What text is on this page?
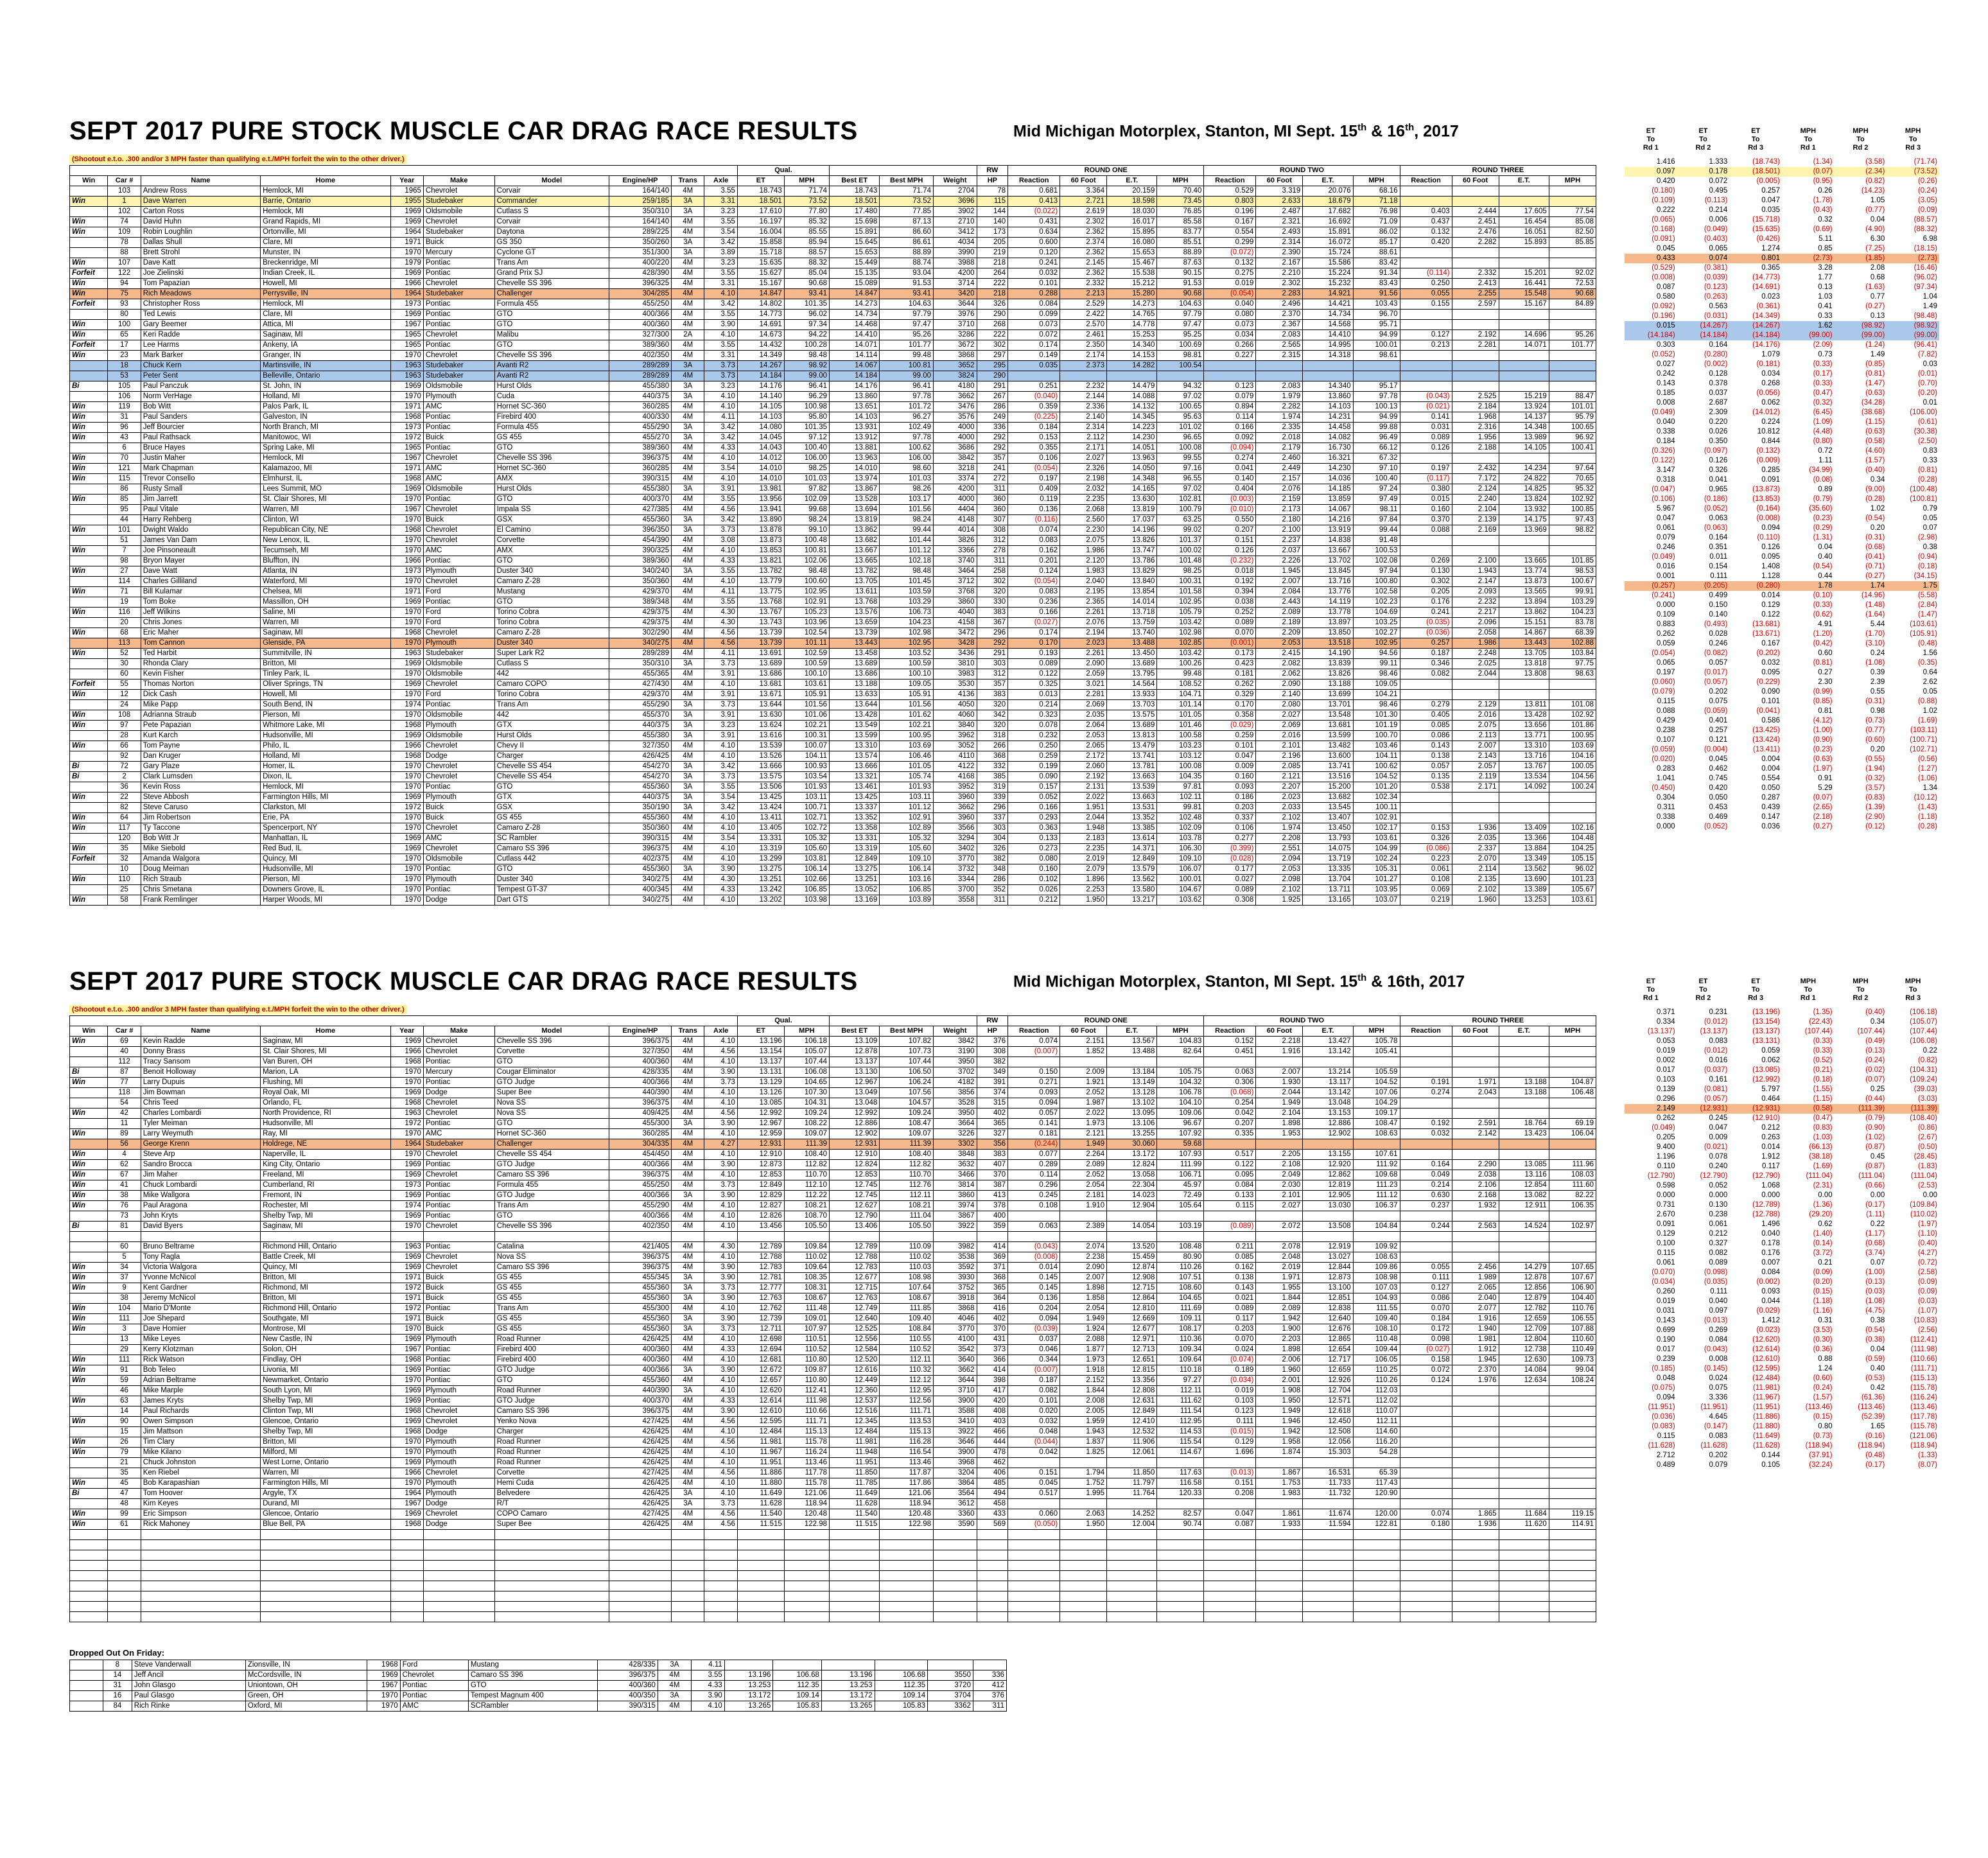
SEPT 2017 PURE STOCK MUSCLE CAR DRAG RACE RESULTS	Mid Michigan Motorplex, Stanton, MI Sept. 15th & 16th, 2017
(Shootout e.t.o. .300 and/or 3 MPH faster than qualifying e.t./MPH forfeit the win to the other driver.)
										Qual.					RW	ROUND ONE				ROUND TWO				ROUND THREE			
Win	Car #	Name	Home	Year	Make	Model	Engine/HP	Trans	Axle	ET	MPH	Best ET	Best MPH	Weight	HP	Reaction	60 Foot	E.T.	MPH	Reaction	60 Foot	E.T.	MPH	Reaction	60 Foot	E.T.	MPH
	103	Andrew Ross	Hemlock, MI	1965	Chevrolet	Corvair	164/140	4M	3.55	18.743	71.74	18.743	71.74	2704	78	0.681	3.364	20.159	70.40	0.529	3.319	20.076	68.16				
Win	1	Dave Warren	Barrie, Ontario	1955	Studebaker	Commander	259/185	3A	3.31	18.501	73.52	18.501	73.52	3696	115	0.413	2.721	18.598	73.45	0.803	2.633	18.679	71.18				
	102	Carton Ross	Hemlock, MI	1969	Oldsmobile	Cutlass S	350/310	3A	3.23	17.610	77.80	17.480	77.85	3902	144	(0.022)	2.619	18.030	76.85	0.196	2.487	17.682	76.98	0.403	2.444	17.605	77.54
Win	74	David Huhn	Grand Rapids, MI	1969	Chevrolet	Corvair	164/140	4M	3.55	16.197	85.32	15.698	87.13	2710	140	0.431	2.302	16.017	85.58	0.167	2.321	16.692	71.09	0.437	2.451	16.454	85.08
Win	109	Robin Loughlin	Ortonville, MI	1964	Studebaker	Daytona	289/225	4M	3.54	16.004	85.55	15.891	86.60	3412	173	0.634	2.362	15.895	83.77	0.554	2.493	15.891	86.02	0.132	2.476	16.051	82.50
	78	Dallas Shull	Clare, MI	1971	Buick	GS 350	350/260	3A	3.42	15.858	85.94	15.645	86.61	4034	205	0.600	2.374	16.080	85.51	0.299	2.314	16.072	85.17	0.420	2.282	15.893	85.85
	88	Brett Strohl	Munster, IN	1970	Mercury	Cyclone GT	351/300	3A	3.89	15.718	88.57	15.653	88.89	3990	219	0.120	2.362	15.653	88.89	(0.072)	2.390	15.724	88.61				
Win	107	Dave Katt	Breckenridge, MI	1979	Pontiac	Trans Am	400/220	4M	3.23	15.635	88.32	15.449	88.74	3988	218	0.241	2.145	15.467	87.63	0.132	2.167	15.586	83.42				
Forfeit	122	Joe Zielinski	Indian Creek, IL	1969	Pontiac	Grand Prix SJ	428/390	4M	3.55	15.627	85.04	15.135	93.04	4200	264	0.032	2.362	15.538	90.15	0.275	2.210	15.224	91.34	(0.114)	2.332	15.201	92.02
Win	94	Tom Papazian	Howell, MI	1966	Chevrolet	Chevelle SS 396	396/325	4M	3.31	15.167	90.68	15.089	91.53	3714	222	0.101	2.332	15.212	91.53	0.019	2.302	15.232	83.43	0.250	2.413	16.441	72.53
Win	75	Rich Meadows	Perrysville, IN	1964	Studebaker	Challenger	304/285	4M	4.10	14.847	93.41	14.847	93.41	3420	218	0.288	2.213	15.280	90.68	(0.054)	2.283	14.921	91.56	0.055	2.255	15.548	90.68
Forfeit	93	Christopher Ross	Hemlock, MI	1973	Pontiac	Formula 455	455/250	4M	3.42	14.802	101.35	14.273	104.63	3644	326	0.084	2.529	14.273	104.63	0.040	2.496	14.421	103.43	0.155	2.597	15.167	84.89
	80	Ted Lewis	Clare, MI	1969	Pontiac	GTO	400/366	4M	3.55	14.773	96.02	14.734	97.79	3976	290	0.099	2.422	14.765	97.79	0.080	2.370	14.734	96.70				
Win	100	Gary Beemer	Attica, MI	1967	Pontiac	GTO	400/360	4M	3.90	14.691	97.34	14.468	97.47	3710	268	0.073	2.570	14.778	97.47	0.073	2.367	14.568	95.71				
Win	65	Keri Radde	Saginaw, MI	1965	Chevrolet	Malibu	327/300	2A	4.10	14.673	94.22	14.410	95.26	3286	222	0.072	2.461	15.253	95.25	0.034	2.083	14.410	94.99	0.127	2.192	14.696	95.26
Forfeit	17	Lee Harms	Ankeny, IA	1965	Pontiac	GTO	389/360	4M	3.55	14.432	100.28	14.071	101.77	3672	302	0.174	2.350	14.340	100.69	0.266	2.565	14.995	100.01	0.213	2.281	14.071	101.77
Win	23	Mark Barker	Granger, IN	1970	Chevrolet	Chevelle SS 396	402/350	4M	3.31	14.349	98.48	14.114	99.48	3868	297	0.149	2.174	14.153	98.81	0.227	2.315	14.318	98.61				
	18	Chuck Kern	Martinsville, IN	1963	Studebaker	Avanti R2	289/289	3A	3.73	14.267	98.92	14.067	100.81	3652	295	0.035	2.373	14.282	100.54								
	53	Peter Sent	Belleville, Ontario	1963	Studebaker	Avanti R2	289/289	4M	3.73	14.184	99.00	14.184	99.00	3824	290												
Bi	105	Paul Panczuk	St. John, IN	1969	Oldsmobile	Hurst Olds	455/380	3A	3.23	14.176	96.41	14.176	96.41	4180	291	0.251	2.232	14.479	94.32	0.123	2.083	14.340	95.17				
	106	Norm VerHage	Holland, MI	1970	Plymouth	Cuda	440/375	3A	4.10	14.140	96.29	13.860	97.78	3662	267	(0.040)	2.144	14.088	97.02	0.079	1.979	13.860	97.78	(0.043)	2.525	15.219	88.47
Win	119	Bob Witt	Palos Park, IL	1971	AMC	Hornet SC-360	360/285	4M	4.10	14.105	100.98	13.651	101.72	3476	286	0.359	2.336	14.132	100.65	0.894	2.282	14.103	100.13	(0.021)	2.184	13.924	101.01
Win	31	Paul Sanders	Galveston, IN	1968	Pontiac	Firebird 400	400/330	4M	4.11	14.103	95.80	14.103	96.27	3576	249	(0.225)	2.140	14.345	95.63	0.114	1.974	14.231	94.99	0.141	1.968	14.137	95.79
Win	96	Jeff Bourcier	North Branch, MI	1973	Pontiac	Formula 455	455/290	3A	3.42	14.080	101.35	13.931	102.49	4000	336	0.184	2.314	14.223	101.02	0.166	2.335	14.458	99.88	0.031	2.316	14.348	100.65
Win	43	Paul Rathsack	Manitowoc, WI	1972	Buick	GS 455	455/270	3A	3.42	14.045	97.12	13.912	97.78	4000	292	0.153	2.112	14.230	96.65	0.092	2.018	14.082	96.49	0.089	1.956	13.989	96.92
	6	Bruce Hayes	Spring Lake, MI	1965	Pontiac	GTO	389/360	4M	4.33	14.043	100.40	13.881	100.62	3686	292	0.355	2.171	14.051	100.08	(0.094)	2.179	16.730	66.12	0.126	2.188	14.105	100.41
Win	70	Justin Maher	Hemlock, MI	1967	Chevrolet	Chevelle SS 396	396/375	4M	4.10	14.012	106.00	13.963	106.00	3842	357	0.106	2.027	13.963	99.55	0.274	2.460	16.321	67.32				
Win	121	Mark Chapman	Kalamazoo, MI	1971	AMC	Hornet SC-360	360/285	4M	3.54	14.010	98.25	14.010	98.60	3218	241	(0.054)	2.326	14.050	97.16	0.041	2.449	14.230	97.10	0.197	2.432	14.234	97.64
Win	115	Trevor Consello	Elmhurst, IL	1968	AMC	AMX	390/315	4M	4.10	14.010	101.03	13.974	101.03	3374	272	0.197	2.198	14.348	96.55	0.140	2.157	14.036	100.40	(0.117)	7.172	24.822	70.65
	86	Rusty Small	Lees Summit, MO	1969	Oldsmobile	Hurst Olds	455/380	3A	3.91	13.981	97.82	13.867	98.26	4200	311	0.409	2.032	14.165	97.02	0.404	2.076	14.185	97.24	0.380	2.124	14.825	95.32
Win	85	Jim Jarrett	St. Clair Shores, MI	1970	Pontiac	GTO	400/370	4M	3.55	13.956	102.09	13.528	103.17	4000	360	0.119	2.235	13.630	102.81	(0.003)	2.159	13.859	97.49	0.015	2.240	13.824	102.92
	95	Paul Vitale	Warren, MI	1967	Chevrolet	Impala SS	427/385	4M	4.56	13.941	99.68	13.694	101.56	4404	360	0.136	2.068	13.819	100.79	(0.010)	2.173	14.067	98.11	0.160	2.104	13.932	100.85
	44	Harry Rehberg	Clinton, WI	1970	Buick	GSX	455/360	3A	3.42	13.890	98.24	13.819	98.24	4148	307	(0.116)	2.560	17.037	63.25	0.550	2.180	14.216	97.84	0.370	2.139	14.175	97.43
Win	101	Dwight Waldo	Republican City, NE	1968	Chevrolet	El Camino	396/350	3A	3.73	13.878	99.10	13.862	99.44	4014	308	0.074	2.230	14.196	99.02	0.207	2.100	13.919	99.44	0.088	2.169	13.969	98.82
	51	James Van Dam	New Lenox, IL	1970	Chevrolet	Corvette	454/390	4M	3.08	13.873	100.48	13.682	101.44	3826	312	0.083	2.075	13.826	101.37	0.151	2.237	14.838	91.48				
Win	7	Joe Pinsoneault	Tecumseh, MI	1970	AMC	AMX	390/325	4M	4.10	13.853	100.81	13.667	101.12	3366	278	0.162	1.986	13.747	100.02	0.126	2.037	13.667	100.53				
	98	Bryon Mayer	Bluffton, IN	1966	Pontiac	GTO	389/360	4M	4.33	13.821	102.06	13.665	102.18	3740	311	0.201	2.120	13.786	101.48	(0.232)	2.226	13.702	102.08	0.269	2.100	13.665	101.85
Win	27	Dave Watt	Atlanta, IN	1973	Plymouth	Duster 340	340/240	3A	3.55	13.782	98.48	13.782	98.48	3464	258	0.124	1.983	13.829	98.25	0.018	1.945	13.845	97.94	0.130	1.943	13.774	98.53
	114	Charles Gilliland	Waterford, MI	1970	Chevrolet	Camaro Z-28	350/360	4M	4.10	13.779	100.60	13.705	101.45	3712	302	(0.054)	2.040	13.840	100.31	0.192	2.007	13.716	100.80	0.302	2.147	13.873	100.67
Win	71	Bill Kulamar	Chelsea, MI	1971	Ford	Mustang	429/370	4M	4.11	13.775	102.95	13.611	103.59	3768	320	0.083	2.195	13.854	101.58	0.394	2.084	13.776	102.58	0.205	2.093	13.565	99.91
	19	Tom Boke	Massillon, OH	1969	Pontiac	GTO	389/348	4M	3.55	13.768	102.91	13.768	103.29	3860	330	0.236	2.365	14.014	102.95	0.038	2.443	14.119	102.23	0.176	2.232	13.894	103.29
Win	116	Jeff Wilkins	Saline, MI	1970	Ford	Torino Cobra	429/375	4M	4.30	13.767	105.23	13.576	106.73	4040	383	0.166	2.261	13.718	105.79	0.252	2.089	13.778	104.69	0.241	2.217	13.862	104.23
	20	Chris Jones	Warren, MI	1970	Ford	Torino Cobra	429/375	4M	4.30	13.743	103.96	13.659	104.23	4158	367	(0.027)	2.076	13.759	103.42	0.089	2.189	13.897	103.25	(0.035)	2.096	15.151	83.78
Win	68	Eric Maher	Saginaw, MI	1968	Chevrolet	Camaro Z-28	302/290	4M	4.56	13.739	102.54	13.739	102.98	3472	296	0.174	2.194	13.740	102.98	0.070	2.209	13.850	102.27	(0.036)	2.058	14.867	68.39
	113	Tom Cannon	Glenside, PA	1970	Plymouth	Duster 340	340/275	4M	4.56	13.739	101.11	13.443	102.95	3428	292	0.170	2.023	13.488	102.85	(0.001)	2.053	13.518	102.95	0.257	1.986	13.443	102.88
Win	52	Ted Harbit	Summitville, IN	1963	Studebaker	Super Lark R2	289/289	4M	4.11	13.691	102.59	13.458	103.52	3436	291	0.193	2.261	13.450	103.42	0.173	2.415	14.190	94.56	0.187	2.248	13.705	103.84
	30	Rhonda Clary	Britton, MI	1969	Oldsmobile	Cutlass S	350/310	3A	3.73	13.689	100.59	13.689	100.59	3810	303	0.089	2.090	13.689	100.26	0.423	2.082	13.839	99.11	0.346	2.025	13.818	97.75
	60	Kevin Fisher	Tinley Park, IL	1970	Oldsmobile	442	455/365	4M	3.91	13.686	100.10	13.686	100.10	3983	312	0.122	2.059	13.795	99.48	0.181	2.062	13.826	98.46	0.082	2.044	13.808	98.63
Forfeit	55	Thomas Norton	Oliver Springs, TN	1969	Chevrolet	Camaro COPO	427/430	4M	4.10	13.681	103.61	13.188	109.05	3530	357	0.325	3.021	14.564	108.52	0.262	2.090	13.188	109.05				
Win	12	Dick Cash	Howell, MI	1970	Ford	Torino Cobra	429/370	4M	3.91	13.671	105.91	13.633	105.91	4136	383	0.013	2.281	13.933	104.71	0.329	2.140	13.699	104.21				
	24	Mike Papp	South Bend, IN	1974	Pontiac	Trans Am	455/290	3A	3.73	13.644	101.56	13.644	101.56	4050	320	0.214	2.069	13.703	101.14	0.170	2.080	13.701	98.46	0.279	2.129	13.811	101.08
Win	108	Adrianna Straub	Pierson, MI	1970	Oldsmobile	442	455/370	3A	3.91	13.630	101.06	13.428	101.62	4060	342	0.323	2.035	13.575	101.05	0.358	2.027	13.548	101.30	0.405	2.016	13.428	102.92
Win	97	Pete Papazian	Whitmore Lake, MI	1968	Plymouth	GTX	440/375	3A	3.23	13.624	102.21	13.549	102.21	3840	320	0.078	2.064	13.689	101.46	(0.029)	2.069	13.681	101.19	0.085	2.075	13.656	101.86
	28	Kurt Karch	Hudsonville, MI	1969	Oldsmobile	Hurst Olds	455/380	3A	3.91	13.616	100.31	13.599	100.95	3962	318	0.232	2.053	13.813	100.58	0.259	2.016	13.599	100.70	0.086	2.113	13.771	100.95
Win	66	Tom Payne	Philo, IL	1966	Chevrolet	Chevy II	327/350	4M	4.10	13.539	100.07	13.310	103.69	3052	266	0.250	2.065	13.479	103.23	0.101	2.101	13.482	103.46	0.143	2.007	13.310	103.69
	92	Dan Kruger	Holland, MI	1968	Dodge	Charger	426/425	4M	4.10	13.526	104.11	13.574	106.46	4110	368	0.259	2.172	13.741	103.12	0.047	2.196	13.600	104.11	0.138	2.143	13.716	104.16
Bi	72	Gary Plaze	Homer, IL	1970	Chevrolet	Chevelle SS 454	454/270	3A	3.42	13.666	100.93	13.666	101.05	4122	332	0.199	2.060	13.781	100.08	0.009	2.085	13.741	100.62	0.057	2.057	13.767	100.05
Bi	2	Clark Lumsden	Dixon, IL	1970	Chevrolet	Chevelle SS 454	454/270	3A	3.73	13.575	103.54	13.321	105.74	4168	385	0.090	2.192	13.663	104.35	0.160	2.121	13.516	104.52	0.135	2.119	13.534	104.56
	36	Kevin Ross	Hemlock, MI	1970	Pontiac	GTO	455/360	3A	3.55	13.506	101.93	13.461	101.93	3952	319	0.157	2.131	13.539	97.81	0.093	2.207	15.200	101.20	0.538	2.171	14.092	100.24
Win	22	Steve Abbosh	Farmington Hills, MI	1969	Plymouth	GTX	440/375	3A	3.54	13.425	103.11	13.425	103.11	3960	339	0.052	2.022	13.663	102.11	0.186	2.023	13.682	102.34				
	82	Steve Caruso	Clarkston, MI	1972	Buick	GSX	350/190	3A	3.42	13.424	100.71	13.337	101.12	3662	296	0.166	1.951	13.531	99.81	0.203	2.033	13.545	100.11				
Win	64	Jim Robertson	Erie, PA	1970	Buick	GS 455	455/360	4M	4.10	13.411	102.71	13.352	102.91	3960	337	0.293	2.044	13.352	102.48	0.337	2.102	13.407	102.91				
Win	117	Ty Taccone	Spencerport, NY	1970	Chevrolet	Camaro Z-28	350/360	4M	4.10	13.405	102.72	13.358	102.89	3566	303	0.363	1.948	13.385	102.09	0.106	1.974	13.450	102.17	0.153	1.936	13.409	102.16
	120	Bob Witt Jr	Manhattan, IL	1969	AMC	SC Rambler	390/315	4M	3.54	13.331	105.32	13.331	105.32	3294	304	0.133	2.183	13.614	103.78	0.277	2.208	13.793	103.61	0.326	2.035	13.366	104.48
Win	35	Mike Siebold	Red Bud, IL	1969	Chevrolet	Camaro SS 396	396/375	4M	4.10	13.319	105.60	13.319	105.60	3402	326	0.273	2.235	14.371	106.30	(0.399)	2.551	14.075	104.99	(0.086)	2.337	13.884	104.25
Forfeit	32	Amanda Walgora	Quincy, MI	1970	Oldsmobile	Cutlass 442	402/375	4M	4.10	13.299	103.81	12.849	109.10	3770	382	0.080	2.019	12.849	109.10	(0.028)	2.094	13.719	102.24	0.223	2.070	13.349	105.15
	10	Doug Meiman	Hudsonville, MI	1970	Pontiac	GTO	455/360	3A	3.90	13.275	106.14	13.275	106.14	3732	348	0.160	2.079	13.579	106.07	0.177	2.053	13.335	105.31	0.061	2.114	13.562	96.02
Win	110	Rich Straub	Pierson, MI	1970	Plymouth	Duster 340	340/275	4M	4.30	13.251	102.66	13.251	103.16	3344	286	0.102	1.896	13.562	100.01	0.027	2.098	13.704	101.27	0.108	2.135	13.690	101.23
	25	Chris Smetana	Downers Grove, IL	1970	Pontiac	Tempest GT-37	400/345	4M	4.33	13.242	106.85	13.052	106.85	3700	352	0.026	2.253	13.580	104.67	0.089	2.102	13.711	103.95	0.069	2.102	13.389	105.67
Win	58	Frank Remlinger	Harper Woods, MI	1970	Dodge	Dart GTS	340/275	4M	4.10	13.202	103.98	13.169	103.89	3558	311	0.212	1.950	13.217	103.62	0.308	1.925	13.165	103.07	0.219	1.960	13.253	103.61
ET	ET	ET	MPH	MPH	MPH
To	To	To	To	To	To
Rd 1	Rd 2	Rd 3	Rd 1	Rd 2	Rd 3

1.416	1.333	(18.743)	(1.34)	(3.58)	(71.74)
0.097	0.178	(18.501)	(0.07)	(2.34)	(73.52)
0.420	0.072	(0.005)	(0.95)	(0.82)	(0.26)
(0.180)	0.495	0.257	0.26	(14.23)	(0.24)
(0.109)	(0.113)	0.047	(1.78)	1.05	(3.05)
0.222	0.214	0.035	(0.43)	(0.77)	(0.09)
(0.065)	0.006	(15.718)	0.32	0.04	(88.57)
(0.168)	(0.049)	(15.635)	(0.69)	(4.90)	(88.32)
(0.091)	(0.403)	(0.426)	5.11	6.30	6.98
0.045	0.065	1.274	0.85	(7.25)	(18.15)
0.433	0.074	0.801	(2.73)	(1.85)	(2.73)
(0.529)	(0.381)	0.365	3.28	2.08	(16.46)
(0.008)	(0.039)	(14.773)	1.77	0.68	(96.02)
0.087	(0.123)	(14.691)	0.13	(1.63)	(97.34)
0.580	(0.263)	0.023	1.03	0.77	1.04
(0.092)	0.563	(0.361)	0.41	(0.27)	1.49
(0.196)	(0.031)	(14.349)	0.33	0.13	(98.48)
0.015	(14.267)	(14.267)	1.62	(98.92)	(98.92)
(14.184)	(14.184)	(14.184)	(99.00)	(99.00)	(99.00)
0.303	0.164	(14.176)	(2.09)	(1.24)	(96.41)
(0.052)	(0.280)	1.079	0.73	1.49	(7.82)
0.027	(0.002)	(0.181)	(0.33)	(0.85)	0.03
0.242	0.128	0.034	(0.17)	(0.81)	(0.01)
0.143	0.378	0.268	(0.33)	(1.47)	(0.70)
0.185	0.037	(0.056)	(0.47)	(0.63)	(0.20)
0.008	2.687	0.062	(0.32)	(34.28)	0.01
(0.049)	2.309	(14.012)	(6.45)	(38.68)	(106.00)
0.040	0.220	0.224	(1.09)	(1.15)	(0.61)
0.338	0.026	10.812	(4.48)	(0.63)	(30.38)
0.184	0.350	0.844	(0.80)	(0.58)	(2.50)
(0.326)	(0.097)	(0.132)	0.72	(4.60)	0.83
(0.122)	0.126	(0.009)	1.11	(1.57)	0.33
3.147	0.326	0.285	(34.99)	(0.40)	(0.81)
0.318	0.041	0.091	(0.08)	0.34	(0.28)
(0.047)	0.965	(13.873)	0.89	(9.00)	(100.48)
(0.106)	(0.186)	(13.853)	(0.79)	(0.28)	(100.81)
5.967	(0.052)	(0.164)	(35.60)	1.02	0.79
0.047	0.063	(0.008)	(0.23)	(0.54)	0.05
0.061	(0.063)	0.094	(0.29)	0.20	0.07
0.079	0.164	(0.110)	(1.31)	(0.31)	(2.98)
0.246	0.351	0.126	0.04	(0.68)	0.38
(0.049)	0.011	0.095	0.40	(0.41)	(0.94)
0.016	0.154	1.408	(0.54)	(0.71)	(0.18)
0.001	0.111	1.128	0.44	(0.27)	(34.15)
(0.257)	(0.205)	(0.280)	1.78	1.74	1.75
(0.241)	0.499	0.014	(0.10)	(14.96)	(5.58)
0.000	0.150	0.129	(0.33)	(1.48)	(2.84)
0.109	0.140	0.122	(0.62)	(1.64)	(1.47)
0.883	(0.493)	(13.681)	4.91	5.44	(103.61)
0.262	0.028	(13.671)	(1.20)	(1.70)	(105.91)
0.059	0.246	0.167	(0.42)	(3.10)	(0.48)
(0.054)	(0.082)	(0.202)	0.60	0.24	1.56
0.065	0.057	0.032	(0.81)	(1.08)	(0.35)
0.197	(0.017)	0.095	0.27	0.39	0.64
(0.060)	(0.057)	(0.229)	2.30	2.39	2.62
(0.079)	0.202	0.090	(0.99)	0.55	0.05
0.115	0.075	0.101	(0.85)	(0.31)	(0.88)
0.088	(0.059)	(0.041)	0.81	0.98	1.02
0.429	0.401	0.586	(4.12)	(0.73)	(1.69)
0.238	0.257	(13.425)	(1.00)	(0.77)	(103.11)
0.107	0.121	(13.424)	(0.90)	(0.60)	(100.71)
(0.059)	(0.004)	(13.411)	(0.23)	0.20	(102.71)
(0.020)	0.045	0.004	(0.63)	(0.55)	(0.56)
0.283	0.462	0.004	(1.97)	(1.94)	(1.27)
1.041	0.745	0.554	0.91	(0.32)	(1.06)
(0.450)	0.420	0.050	5.29	(3.57)	1.34
0.304	0.050	0.287	(0.07)	(0.83)	(10.12)
0.311	0.453	0.439	(2.65)	(1.39)	(1.43)
0.338	0.469	0.147	(2.18)	(2.90)	(1.18)
0.000	(0.052)	0.036	(0.27)	(0.12)	(0.28)
SEPT 2017 PURE STOCK MUSCLE CAR DRAG RACE RESULTS	Mid Michigan Motorplex, Stanton, MI Sept. 15th & 16th, 2017
(Shootout e.t.o. .300 and/or 3 MPH faster than qualifying e.t./MPH forfeit the win to the other driver.)
										Qual.					RW	ROUND ONE				ROUND TWO				ROUND THREE			
Win	Car #	Name	Home	Year	Make	Model	Engine/HP	Trans	Axle	ET	MPH	Best ET	Best MPH	Weight	HP	Reaction	60 Foot	E.T.	MPH	Reaction	60 Foot	E.T.	MPH	Reaction	60 Foot	E.T.	MPH
Win	69	Kevin Radde	Saginaw, MI	1969	Chevrolet	Chevelle SS 396	396/375	4M	4.10	13.196	106.18	13.109	107.82	3842	376	0.074	2.151	13.567	104.83	0.152	2.218	13.427	105.78				
	40	Donny Brass	St. Clair Shores, MI	1966	Chevrolet	Corvette	327/350	4M	4.56	13.154	105.07	12.878	107.73	3190	308	(0.007)	1.852	13.488	82.64	0.451	1.916	13.142	105.41				
	112	Tracy Sansom	Van Buren, OH	1968	Pontiac	GTO	400/360	4M	4.10	13.137	107.44	13.137	107.44	3950	382												
Bi	87	Benoit Holloway	Marion, LA	1970	Mercury	Cougar Eliminator	428/335	4M	3.90	13.131	106.08	13.130	106.50	3702	349	0.150	2.009	13.184	105.75	0.063	2.007	13.214	105.59				
Win	77	Larry Dupuis	Flushing, MI	1970	Pontiac	GTO Judge	400/366	4M	3.73	13.129	104.65	12.967	106.24	4182	391	0.271	1.921	13.149	104.32	0.306	1.930	13.117	104.52	0.191	1.971	13.188	104.87
	118	Jim Bowman	Royal Oak, MI	1969	Dodge	Super Bee	440/390	4M	4.10	13.126	107.30	13.049	107.56	3856	374	0.093	2.052	13.128	106.78	(0.068)	2.044	13.142	107.06	0.274	2.043	13.188	106.48
	54	Chris Teed	Orlando, FL	1968	Chevrolet	Nova SS	396/375	4M	4.10	13.085	104.31	13.048	104.57	3528	315	0.094	1.987	13.102	104.10	0.254	1.949	13.048	104.29				
Win	42	Charles Lombardi	North Providence, RI	1963	Chevrolet	Nova SS	409/425	4M	4.56	12.992	109.24	12.992	109.24	3950	402	0.057	2.022	13.095	109.06	0.042	2.104	13.153	109.17				
	11	Tyler Meiman	Hudsonville, MI	1972	Pontiac	GTO	455/300	3A	3.90	12.967	108.22	12.886	108.47	3664	365	0.141	1.973	13.106	96.67	0.207	1.898	12.886	108.47	0.192	2.591	18.764	69.19
Win	89	Larry Weymuth	Ray, MI	1970	AMC	Hornet SC-360	360/285	4M	4.10	12.959	109.07	12.902	109.07	3226	327	0.181	2.121	13.255	107.92	0.335	1.953	12.902	108.63	0.032	2.142	13.423	106.04
	56	George Krenn	Holdrege, NE	1964	Studebaker	Challenger	304/335	4M	4.27	12.931	111.39	12.931	111.39	3302	356	(0.244)	1.949	30.060	59.68								
Win	4	Steve Arp	Naperville, IL	1970	Chevrolet	Chevelle SS 454	454/450	4M	4.10	12.910	108.40	12.910	108.40	3848	383	0.077	2.264	13.172	107.93	0.517	2.205	13.155	107.61				
Win	62	Sandro Brocca	King City, Ontario	1969	Pontiac	GTO Judge	400/366	4M	3.90	12.873	112.82	12.824	112.82	3632	407	0.289	2.089	12.824	111.99	0.122	2.108	12.920	111.92	0.164	2.290	13.085	111.96
Win	67	Jim Maher	Freeland, MI	1969	Chevrolet	Camaro SS 396	396/375	4M	4.10	12.853	110.70	12.853	110.70	3466	370	0.114	2.052	13.058	106.71	0.095	2.049	12.862	109.68	0.049	2.038	13.116	108.03
Win	41	Chuck Lombardi	Cumberland, RI	1973	Pontiac	Formula 455	455/250	4M	3.73	12.849	112.10	12.745	112.76	3814	387	0.296	2.054	22.304	45.97	0.084	2.030	12.819	111.23	0.214	2.106	12.854	111.60
Win	38	Mike Wallgora	Fremont, IN	1969	Pontiac	GTO Judge	400/366	3A	3.90	12.829	112.22	12.745	112.11	3860	413	0.245	2.181	14.023	72.49	0.133	2.101	12.905	111.12	0.630	2.168	13.082	82.22
Win	76	Paul Aragona	Rochester, MI	1974	Pontiac	Trans Am	455/290	4M	4.10	12.827	108.21	12.627	108.21	3974	378	0.108	1.910	12.904	105.64	0.115	2.027	13.030	106.37	0.237	1.932	12.911	106.35
	73	John Kryts	Shelby Twp, MI	1969	Pontiac	GTO	400/366	4M	4.10	12.826	108.70	12.790	111.04	3867	400												
Bi	81	David Byers	Saginaw, MI	1970	Chevrolet	Chevelle SS 396	402/350	4M	4.10	13.456	105.50	13.406	105.50	3922	359	0.063	2.389	14.054	103.19	(0.089)	2.072	13.508	104.84	0.244	2.563	14.524	102.97

	60	Bruno Beltrame	Richmond Hill, Ontario	1963	Pontiac	Catalina	421/405	4M	4.30	12.789	109.84	12.789	110.09	3982	414	(0.043)	2.074	13.520	108.48	0.211	2.078	12.919	109.92				
	5	Tony Ragla	Battle Creek, MI	1969	Chevrolet	Nova SS	396/375	4M	4.10	12.788	110.02	12.788	110.02	3538	369	(0.008)	2.238	15.459	80.90	0.085	2.048	13.027	108.63				
Win	34	Victoria Walgora	Quincy, MI	1969	Chevrolet	Camaro SS 396	396/375	4M	3.90	12.783	109.64	12.783	110.03	3592	371	0.014	2.090	12.874	110.26	0.162	2.019	12.844	109.86	0.055	2.456	14.279	107.65
Win	37	Yvonne McNicol	Britton, MI	1971	Buick	GS 455	455/345	3A	3.90	12.781	108.35	12.677	108.98	3930	368	0.145	2.007	12.908	107.51	0.138	1.971	12.873	108.98	0.111	1.989	12.878	107.67
Win	9	Kent Gardner	Richmond, MI	1972	Buick	GS 455	455/360	3A	3.73	12.777	108.31	12.715	107.64	3752	365	0.145	1.898	12.715	108.60	0.143	1.955	13.100	107.03	0.127	2.065	12.856	106.90
	38	Jeremy McNicol	Britton, MI	1971	Buick	GS 455	455/360	3A	3.90	12.763	108.67	12.763	108.67	3918	364	0.136	1.858	12.864	104.65	0.021	1.844	12.851	104.93	0.086	2.040	12.879	104.40
Win	104	Mario D'Monte	Richmond Hill, Ontario	1972	Pontiac	Trans Am	455/300	4M	4.10	12.762	111.48	12.749	111.85	3868	416	0.204	2.054	12.810	111.69	0.089	2.089	12.838	111.55	0.070	2.077	12.782	110.76
Win	111	Joe Shepard	Southgate, MI	1971	Buick	GS 455	455/360	3A	3.90	12.739	109.01	12.640	109.40	4046	402	0.094	1.949	12.669	109.11	0.117	1.942	12.640	109.40	0.184	1.916	12.659	106.55
Win	3	Dave Homier	Montrose, MI	1970	Buick	GS 455	455/360	3A	3.73	12.711	107.97	12.525	108.84	3770	370	(0.039)	1.924	12.677	108.17	0.203	1.900	12.676	108.10	0.172	1.940	12.709	107.88
	13	Mike Leyes	New Castle, IN	1969	Plymouth	Road Runner	426/425	4M	4.10	12.698	110.51	12.556	110.55	4100	431	0.037	2.088	12.971	110.36	0.070	2.203	12.865	110.48	0.098	1.981	12.804	110.60
	29	Kerry Klotzman	Solon, OH	1967	Pontiac	Firebird 400	400/360	4M	4.33	12.694	110.52	12.584	110.52	3542	373	0.046	1.877	12.713	109.34	0.024	1.898	12.654	109.44	(0.027)	1.912	12.738	110.49
Win	111	Rick Watson	Findlay, OH	1968	Pontiac	Firebird 400	400/360	4M	4.10	12.681	110.80	12.520	112.11	3640	366	0.344	1.973	12.651	109.64	(0.074)	2.006	12.717	106.05	0.158	1.945	12.630	109.73
Win	91	Bob Teleo	Livonia, MI	1969	Pontiac	GTO Judge	400/366	3A	3.90	12.672	109.87	12.616	110.32	3662	414	(0.007)	1.918	12.815	110.18	0.189	1.960	12.659	110.25	0.072	2.370	14.084	99.04
Win	59	Adrian Beltrame	Newmarket, Ontario	1970	Pontiac	GTO	455/360	4M	4.10	12.657	110.80	12.449	112.12	3644	398	0.187	2.152	13.356	97.27	(0.034)	2.001	12.926	110.26	0.124	1.976	12.634	108.24
	46	Mike Marple	South Lyon, MI	1969	Plymouth	Road Runner	440/390	3A	4.10	12.620	112.41	12.360	112.95	3710	417	0.082	1.844	12.808	112.11	0.019	1.908	12.704	112.03				
Win	63	James Kryts	Shelby Twp, MI	1969	Pontiac	GTO Judge	400/370	4M	4.33	12.614	111.98	12.537	112.56	3900	420	0.101	2.008	12.631	111.62	0.103	1.950	12.571	112.02				
	14	Paul Richards	Clinton Twp, MI	1968	Chevrolet	Camaro SS 396	396/375	4M	3.90	12.610	110.66	12.516	111.71	3588	408	0.020	2.005	12.849	111.54	0.123	1.949	12.618	110.07				
Win	90	Owen Simpson	Glencoe, Ontario	1969	Chevrolet	Yenko Nova	427/425	4M	4.56	12.595	111.71	12.345	113.53	3410	403	0.032	1.959	12.410	112.95	0.111	1.946	12.450	112.11				
	15	Jim Mattson	Shelby Twp, MI	1968	Dodge	Charger	426/425	4M	4.10	12.484	115.13	12.484	115.13	3922	466	0.048	1.943	12.532	114.53	(0.015)	1.942	12.508	114.60				
Win	26	Tim Clary	Britton, MI	1970	Plymouth	Road Runner	426/425	4M	4.56	11.981	115.78	11.981	116.28	3646	444	(0.044)	1.837	11.906	115.54	0.129	1.958	12.056	116.20				
Win	79	Mike Kilano	Milford, MI	1970	Plymouth	Road Runner	426/425	4M	4.10	11.967	116.24	11.948	116.54	3900	478	0.042	1.825	12.061	114.67	1.696	1.874	15.303	54.28				
	21	Chuck Johnston	West Lorne, Ontario	1969	Plymouth	Road Runner	426/425	4M	4.10	11.951	113.46	11.951	113.46	3968	462												
	35	Ken Riebel	Warren, MI	1966	Chevrolet	Corvette	427/425	4M	4.56	11.886	117.78	11.850	117.87	3204	406	0.151	1.794	11.850	117.63	(0.013)	1.867	16.531	65.39				
Win	45	Bob Karapashian	Farmington Hills, MI	1970	Plymouth	Hemi Cuda	426/425	4M	4.10	11.880	115.78	11.785	117.86	3864	485	0.045	1.752	11.797	116.58	0.151	1.753	11.733	117.43				
Bi	47	Tom Hoover	Argyle, TX	1964	Plymouth	Belvedere	426/425	3A	4.10	11.649	121.06	11.649	121.06	3564	494	0.517	1.995	11.764	120.33	0.208	1.983	11.732	120.90				
	48	Kim Keyes	Durand, MI	1967	Dodge	R/T	426/425	3A	3.73	11.628	118.94	11.628	118.94	3612	458												
Win	99	Eric Simpson	Glencoe, Ontario	1969	Chevrolet	COPO Camaro	427/425	4M	4.56	11.540	120.48	11.540	120.48	3360	433	0.060	2.063	14.252	82.57	0.047	1.861	11.674	120.00	0.074	1.865	11.684	119.15
Win	61	Rick Mahoney	Blue Bell, PA	1968	Dodge	Super Bee	426/425	4M	4.56	11.515	122.98	11.515	122.98	3590	569	(0.050)	1.950	12.004	90.74	0.087	1.933	11.594	122.81	0.180	1.936	11.620	114.91

ET	ET	ET	MPH	MPH	MPH
To	To	To	To	To	To
Rd 1	Rd 2	Rd 3	Rd 1	Rd 2	Rd 3

0.371	0.231	(13.196)	(1.35)	(0.40)	(106.18)
0.334	(0.012)	(13.154)	(22.43)	0.34	(105.07)
(13.137)	(13.137)	(13.137)	(107.44)	(107.44)	(107.44)
0.053	0.083	(13.131)	(0.33)	(0.49)	(106.08)
0.019	(0.012)	0.059	(0.33)	(0.13)	0.22
0.002	0.016	0.062	(0.52)	(0.24)	(0.82)
0.017	(0.037)	(13.085)	(0.21)	(0.02)	(104.31)
0.103	0.161	(12.992)	(0.18)	(0.07)	(109.24)
0.139	(0.081)	5.797	(1.55)	0.25	(39.03)
0.296	(0.057)	0.464	(1.15)	(0.44)	(3.03)
2.149	(12.931)	(12.931)	(0.58)	(111.39)	(111.39)
0.262	0.245	(12.910)	(0.47)	(0.79)	(108.40)
(0.049)	0.047	0.212	(0.83)	(0.90)	(0.86)
0.205	0.009	0.263	(1.03)	(1.02)	(2.67)
9.400	(0.021)	0.014	(66.13)	(0.87)	(0.50)
1.196	0.078	1.912	(38.18)	0.45	(28.45)
0.110	0.240	0.117	(1.69)	(0.87)	(1.83)
(12.790)	(12.790)	(12.790)	(111.04)	(111.04)	(111.04)
0.598	0.052	1.068	(2.31)	(0.66)	(2.53)
0.000	0.000	0.000	0.00	0.00	0.00
0.731	0.130	(12.789)	(1.36)	(0.17)	(109.84)
2.670	0.238	(12.788)	(29.20)	(1.11)	(110.02)
0.091	0.061	1.496	0.62	0.22	(1.97)
0.129	0.212	0.040	(1.40)	(1.17)	(1.10)
0.100	0.327	0.178	(0.14)	(0.68)	(0.40)
0.115	0.082	0.176	(3.72)	(3.74)	(4.27)
0.061	0.089	0.007	0.21	0.07	(0.72)
(0.070)	(0.098)	0.084	(0.09)	(1.00)	(2.58)
(0.034)	(0.035)	(0.002)	(0.20)	(0.13)	(0.09)
0.260	0.111	0.093	(0.15)	(0.03)	(0.09)
0.019	0.040	0.044	(1.18)	(1.08)	(0.03)
0.031	0.097	(0.029)	(1.16)	(4.75)	(1.07)
0.143	(0.013)	1.412	0.31	0.38	(10.83)
0.699	0.269	(0.023)	(3.53)	(0.54)	(2.56)
0.190	0.084	(12.620)	(0.30)	(0.38)	(112.41)
0.017	(0.043)	(12.614)	(0.36)	0.04	(111.98)
0.239	0.008	(12.610)	0.88	(0.59)	(110.66)
(0.185)	(0.145)	(12.595)	1.24	0.40	(111.71)
0.048	0.024	(12.484)	(0.60)	(0.53)	(115.13)
(0.075)	0.075	(11.981)	(0.24)	0.42	(115.78)
0.094	3.336	(11.967)	(1.57)	(61.36)	(116.24)
(11.951)	(11.951)	(11.951)	(113.46)	(113.46)	(113.46)
(0.036)	4.645	(11.886)	(0.15)	(52.39)	(117.78)
(0.083)	(0.147)	(11.880)	0.80	1.65	(115.78)
0.115	0.083	(11.649)	(0.73)	(0.16)	(121.06)
(11.628)	(11.628)	(11.628)	(118.94)	(118.94)	(118.94)
2.712	0.202	0.144	(37.91)	(0.48)	(1.33)
0.489	0.079	0.105	(32.24)	(0.17)	(8.07)
Dropped Out On Friday:
	8	Steve Vanderwall	Zionsville, IN	1968	Ford	Mustang	428/335	3A	4.11						
	14	Jeff Ancil	McCordsville, IN	1969	Chevrolet	Camaro SS 396	396/375	4M	3.55	13.196	106.68	13.196	106.68	3550	336
	31	John Glasgo	Uniontown, OH	1967	Pontiac	GTO	400/360	4M	4.33	13.253	112.35	13.253	112.35	3720	412
	16	Paul Glasgo	Green, OH	1970	Pontiac	Tempest Magnum 400	400/350	3A	3.90	13.172	109.14	13.172	109.14	3704	376
	84	Rich Rinke	Oxford, MI	1970	AMC	SCRambler	390/315	4M	4.10	13.265	105.83	13.265	105.83	3362	311
